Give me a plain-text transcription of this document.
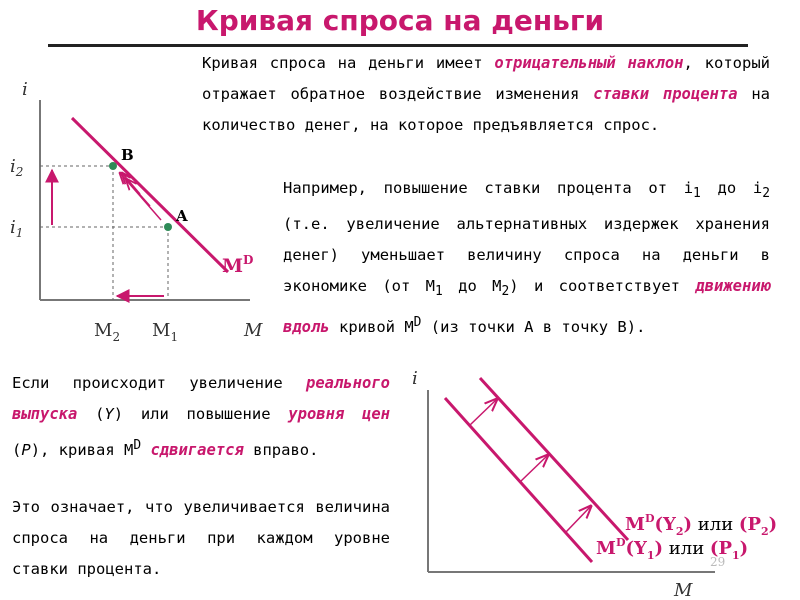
Кривая спроса на деньги
Кривая спроса на деньги имеет отрицательный наклон, который отражает обратное воздействие изменения ставки процента на количество денег, на которое предъявляется спрос.
Например, повышение ставки процента от $i_1$ до $i_2$ (т.е. увеличение альтернативных издержек хранения денег) уменьшает величину спроса на деньги в экономике (от $M_1$ до $M_2$) и соответствует движению вдоль кривой $M^D$ (из точки А в точку В).
Если происходит увеличение реального выпуска (Y) или повышение уровня цен (P), кривая $M^D$ сдвигается вправо.
Это означает, что увеличивается величина спроса на деньги при каждом уровне ставки процента.
i
M
$i_2$
$i_1$
$M_2$ $M_1$
B
A
$M^D$
i
M
$M^D(Y_2)$ или $(P_2)$
$M^D(Y_1)$ или $(P_1)$
29
